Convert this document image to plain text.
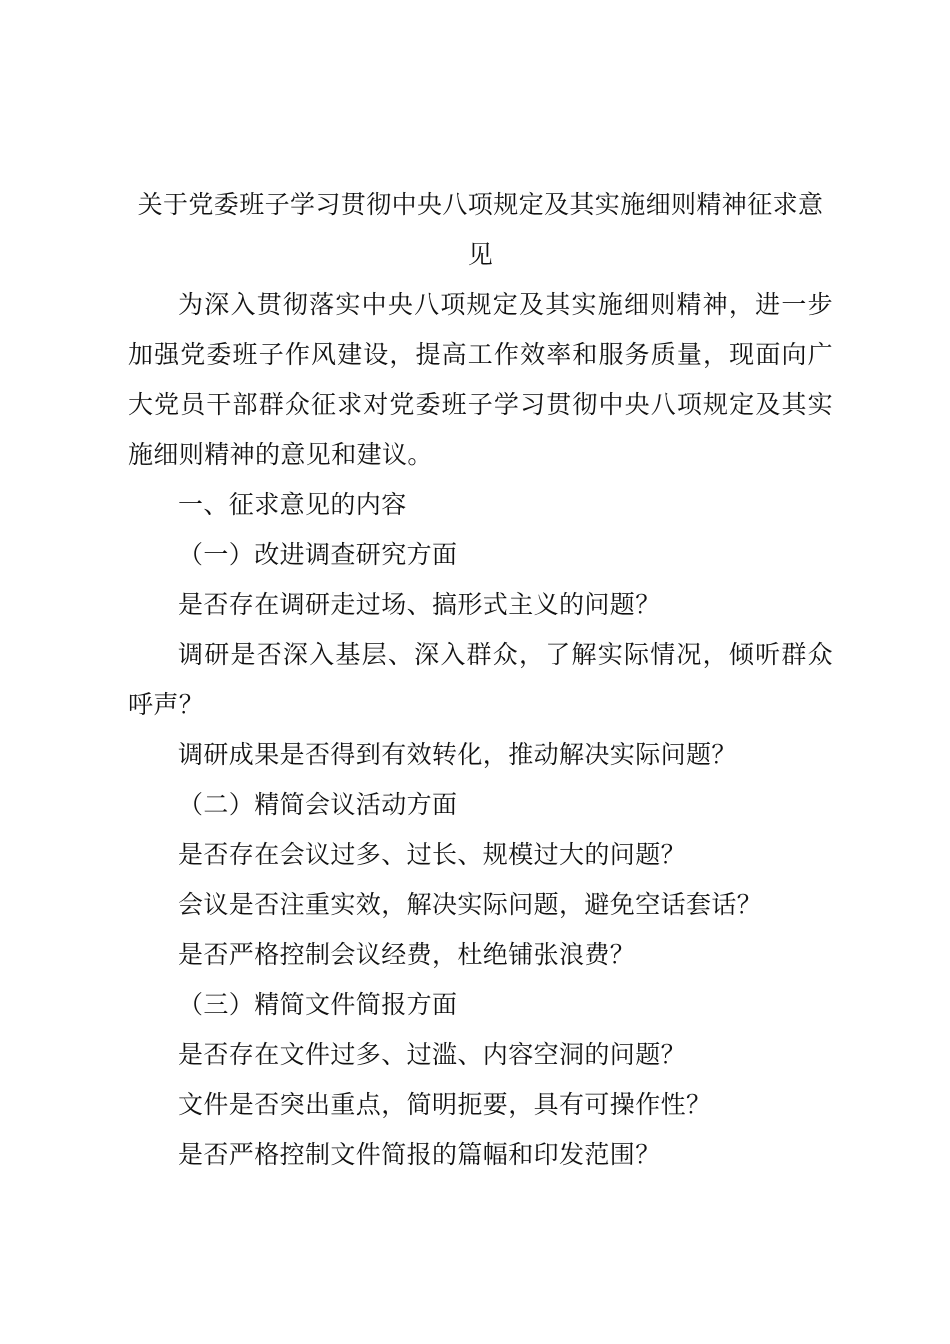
关于党委班子学习贯彻中央八项规定及其实施细则精神征求意

见

为深入贯彻落实中央八项规定及其实施细则精神，进一步加强党委班子作风建设，提高工作效率和服务质量，现面向广大党员干部群众征求对党委班子学习贯彻中央八项规定及其实施细则精神的意见和建议。

一、征求意见的内容

（一）改进调查研究方面

是否存在调研走过场、搞形式主义的问题？

调研是否深入基层、深入群众，了解实际情况，倾听群众呼声？

调研成果是否得到有效转化，推动解决实际问题？

（二）精简会议活动方面

是否存在会议过多、过长、规模过大的问题？

会议是否注重实效，解决实际问题，避免空话套话？

是否严格控制会议经费，杜绝铺张浪费？

（三）精简文件简报方面

是否存在文件过多、过滥、内容空洞的问题？

文件是否突出重点，简明扼要，具有可操作性？

是否严格控制文件简报的篇幅和印发范围？
